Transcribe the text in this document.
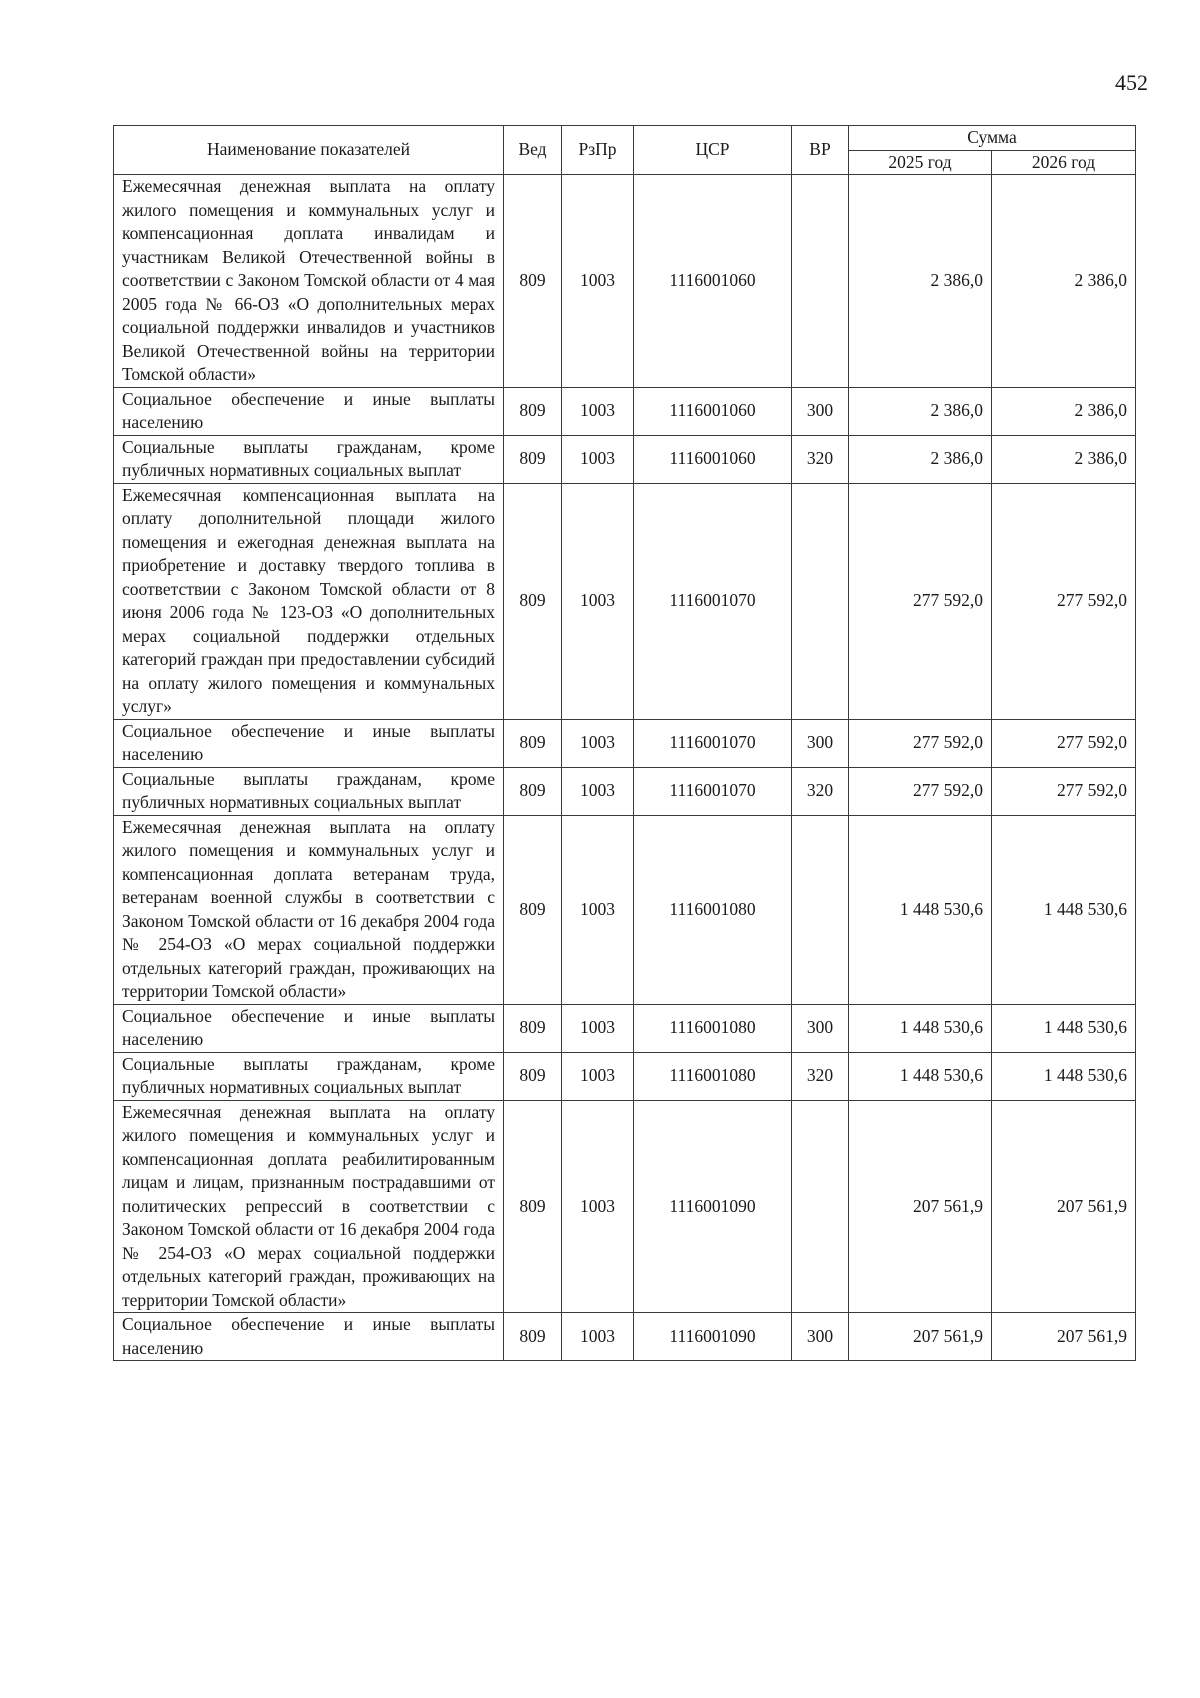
452
Наименование показателей	Вед	РзПр	ЦСР	ВР	Сумма	
					2025 год	2026 год
Ежемесячная денежная выплата на оплату жилого помещения и коммунальных услуг и компенсационная доплата инвалидам и участникам Великой Отечественной войны в соответствии с Законом Томской области от 4 мая 2005 года № 66-ОЗ «О дополнительных мерах социальной поддержки инвалидов и участников Великой Отечественной войны на территории Томской области»	809	1003	1116001060		2 386,0	2 386,0
Социальное обеспечение и иные выплаты населению	809	1003	1116001060	300	2 386,0	2 386,0
Социальные выплаты гражданам, кроме публичных нормативных социальных выплат	809	1003	1116001060	320	2 386,0	2 386,0
Ежемесячная компенсационная выплата на оплату дополнительной площади жилого помещения и ежегодная денежная выплата на приобретение и доставку твердого топлива в соответствии с Законом Томской области от 8 июня 2006 года № 123-ОЗ «О дополнительных мерах социальной поддержки отдельных категорий граждан при предоставлении субсидий на оплату жилого помещения и коммунальных услуг»	809	1003	1116001070		277 592,0	277 592,0
Социальное обеспечение и иные выплаты населению	809	1003	1116001070	300	277 592,0	277 592,0
Социальные выплаты гражданам, кроме публичных нормативных социальных выплат	809	1003	1116001070	320	277 592,0	277 592,0
Ежемесячная денежная выплата на оплату жилого помещения и коммунальных услуг и компенсационная доплата ветеранам труда, ветеранам военной службы в соответствии с Законом Томской области от 16 декабря 2004 года № 254-ОЗ «О мерах социальной поддержки отдельных категорий граждан, проживающих на территории Томской области»	809	1003	1116001080		1 448 530,6	1 448 530,6
Социальное обеспечение и иные выплаты населению	809	1003	1116001080	300	1 448 530,6	1 448 530,6
Социальные выплаты гражданам, кроме публичных нормативных социальных выплат	809	1003	1116001080	320	1 448 530,6	1 448 530,6
Ежемесячная денежная выплата на оплату жилого помещения и коммунальных услуг и компенсационная доплата реабилитированным лицам и лицам, признанным пострадавшими от политических репрессий в соответствии с Законом Томской области от 16 декабря 2004 года № 254-ОЗ «О мерах социальной поддержки отдельных категорий граждан, проживающих на территории Томской области»	809	1003	1116001090		207 561,9	207 561,9
Социальное обеспечение и иные выплаты населению	809	1003	1116001090	300	207 561,9	207 561,9
